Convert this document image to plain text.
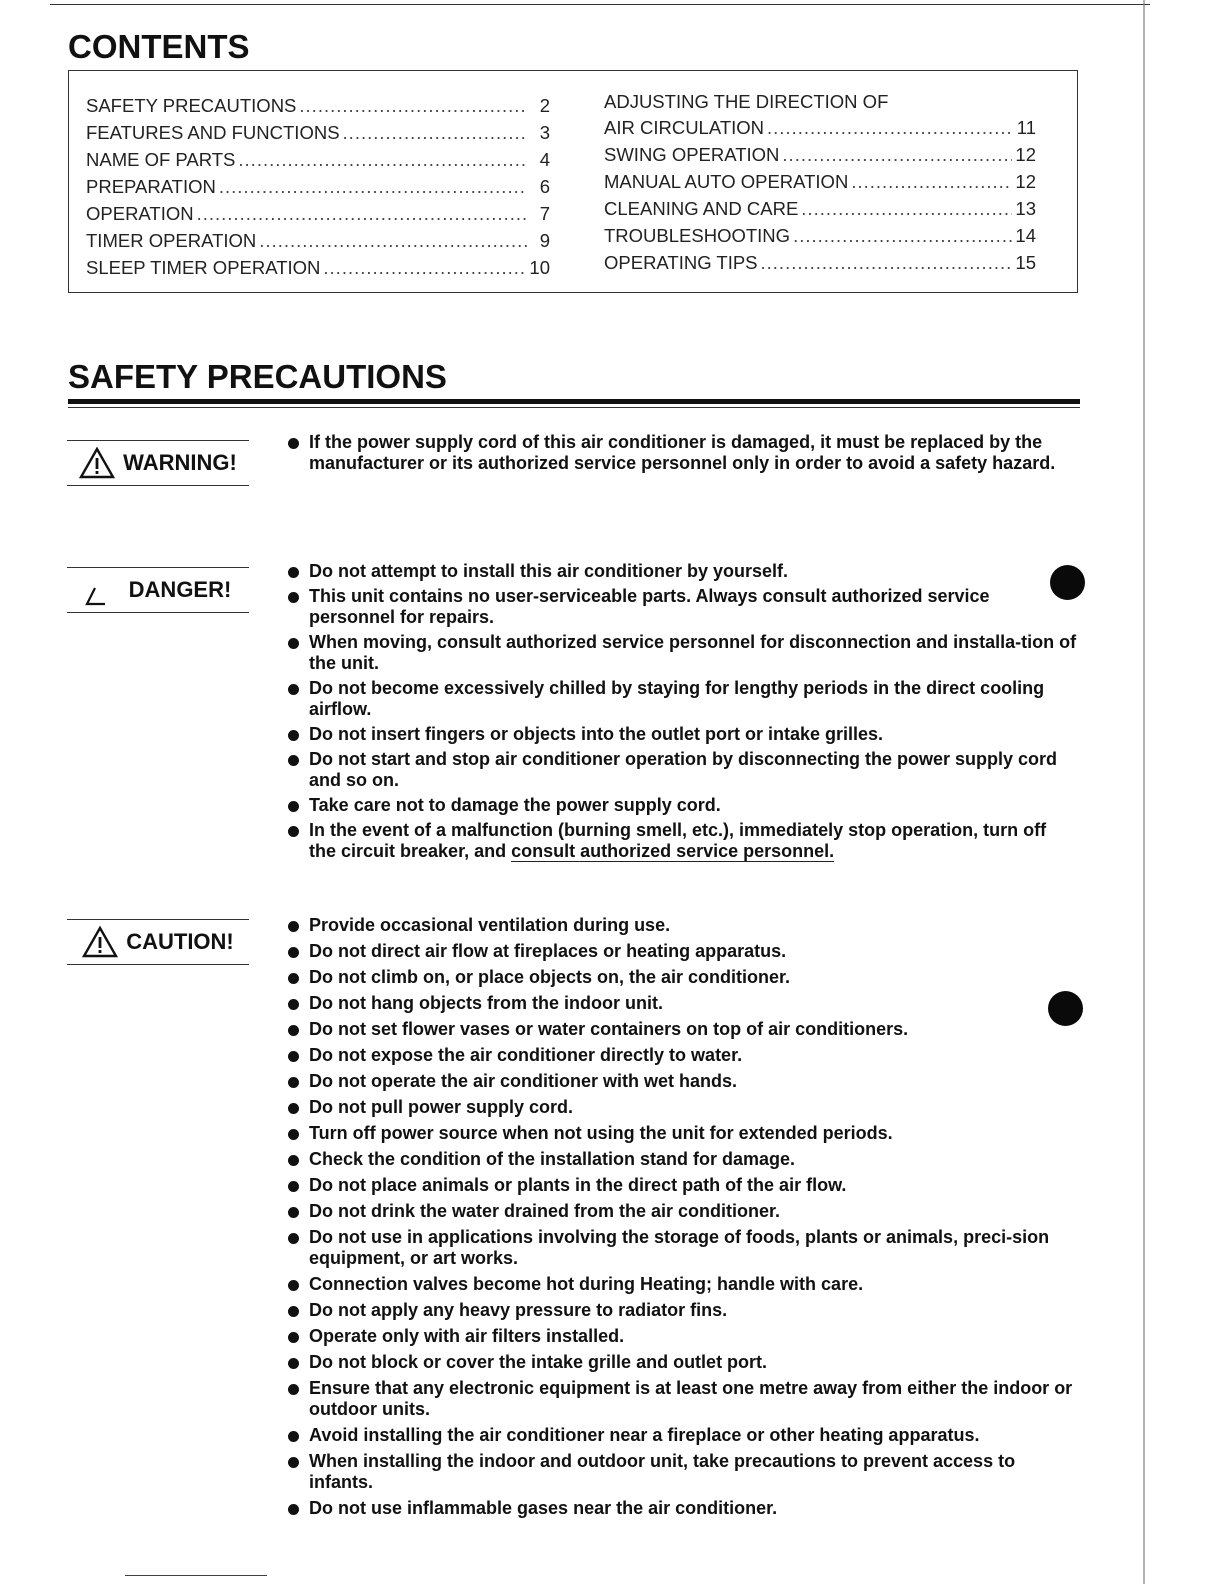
CONTENTS
SAFETY PRECAUTIONS .....	2
FEATURES AND FUNCTIONS .....	3
NAME OF PARTS .....	4
PREPARATION .....	6
OPERATION .....	7
TIMER OPERATION .....	9
SLEEP TIMER OPERATION .....	10
ADJUSTING THE DIRECTION OF
AIR CIRCULATION .....	11
SWING OPERATION .....	12
MANUAL AUTO OPERATION .....	12
CLEANING AND CARE .....	13
TROUBLESHOOTING .....	14
OPERATING TIPS .....	15
SAFETY PRECAUTIONS
WARNING!
If the power supply cord of this air conditioner is damaged, it must be replaced by the manufacturer or its authorized service personnel only in order to avoid a safety hazard.
DANGER!
Do not attempt to install this air conditioner by yourself.
This unit contains no user-serviceable parts. Always consult authorized service personnel for repairs.
When moving, consult authorized service personnel for disconnection and installa-tion of the unit.
Do not become excessively chilled by staying for lengthy periods in the direct cooling airflow.
Do not insert fingers or objects into the outlet port or intake grilles.
Do not start and stop air conditioner operation by disconnecting the power supply cord and so on.
Take care not to damage the power supply cord.
In the event of a malfunction (burning smell, etc.), immediately stop operation, turn off the circuit breaker, and consult authorized service personnel.
CAUTION!
Provide occasional ventilation during use.
Do not direct air flow at fireplaces or heating apparatus.
Do not climb on, or place objects on, the air conditioner.
Do not hang objects from the indoor unit.
Do not set flower vases or water containers on top of air conditioners.
Do not expose the air conditioner directly to water.
Do not operate the air conditioner with wet hands.
Do not pull power supply cord.
Turn off power source when not using the unit for extended periods.
Check the condition of the installation stand for damage.
Do not place animals or plants in the direct path of the air flow.
Do not drink the water drained from the air conditioner.
Do not use in applications involving the storage of foods, plants or animals, preci-sion equipment, or art works.
Connection valves become hot during Heating; handle with care.
Do not apply any heavy pressure to radiator fins.
Operate only with air filters installed.
Do not block or cover the intake grille and outlet port.
Ensure that any electronic equipment is at least one metre away from either the indoor or outdoor units.
Avoid installing the air conditioner near a fireplace or other heating apparatus.
When installing the indoor and outdoor unit, take precautions to prevent access to infants.
Do not use inflammable gases near the air conditioner.
